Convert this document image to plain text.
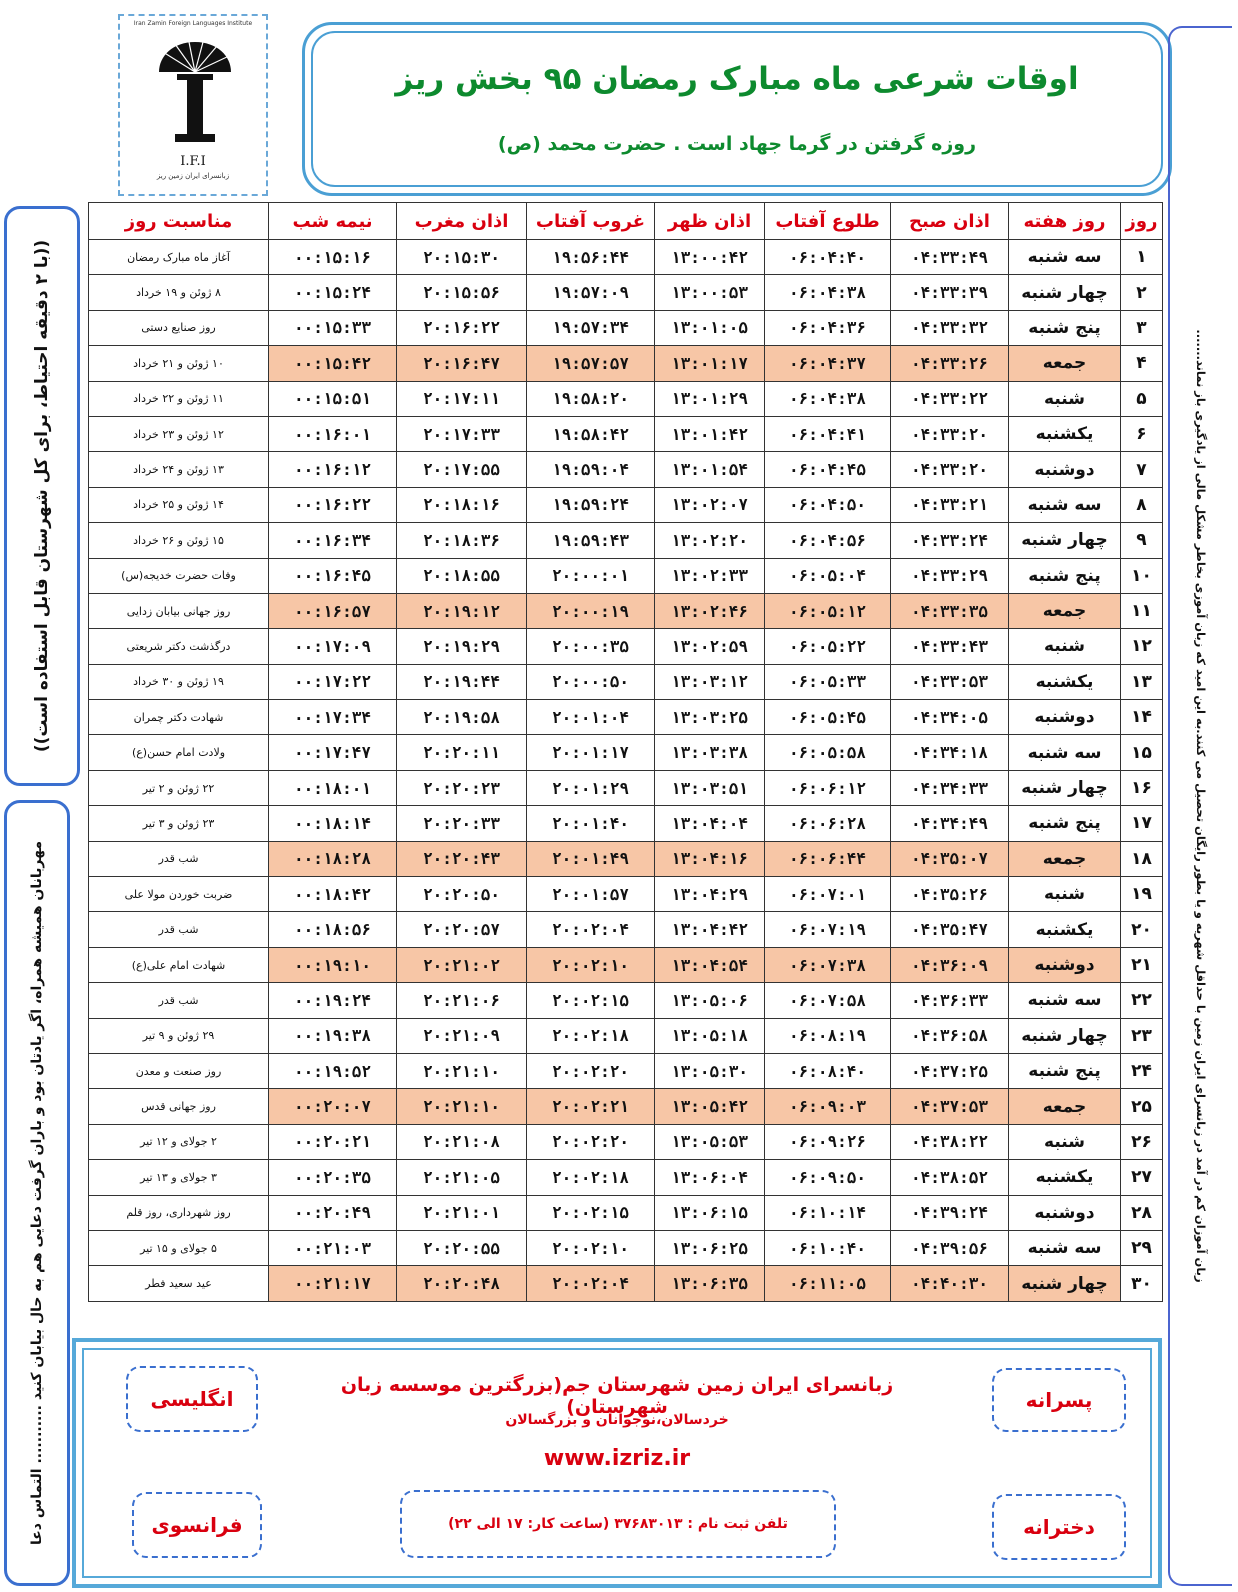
Iran Zamin Foreign Languages Institute
I.F.I
زبانسرای ایران زمین ریز
اوقات شرعی ماه مبارک رمضان ۹۵ بخش ریز
روزه گرفتن در گرما جهاد است . حضرت محمد (ص)
((با ۲ دقیقه احتیاط، برای کل شهرستان قابل استفاده است))
مهربانان همیشه همراه، اگر یادتان بود و باران گرفت دعایی هم به حال بیابان کنید ........... التماس دعا	زبان آموزان کم در آمد در زبانسرای ایران زمین با حداقل شهریه و یا بطور رایگان تحصیل می کنند.به این امید که زبان آموزی بخاطر مشکل مالی از یادگیری باز نماند.......
روز	روز هفته	اذان صبح	طلوع آفتاب	اذان ظهر	غروب آفتاب	اذان مغرب	نیمه شب	مناسبت روز
۱	سه شنبه	۰۴:۳۳:۴۹	۰۶:۰۴:۴۰	۱۳:۰۰:۴۲	۱۹:۵۶:۴۴	۲۰:۱۵:۳۰	۰۰:۱۵:۱۶	آغاز ماه مبارک رمضان
۲	چهار شنبه	۰۴:۳۳:۳۹	۰۶:۰۴:۳۸	۱۳:۰۰:۵۳	۱۹:۵۷:۰۹	۲۰:۱۵:۵۶	۰۰:۱۵:۲۴	۸ ژوئن و ۱۹ خرداد
۳	پنج شنبه	۰۴:۳۳:۳۲	۰۶:۰۴:۳۶	۱۳:۰۱:۰۵	۱۹:۵۷:۳۴	۲۰:۱۶:۲۲	۰۰:۱۵:۳۳	روز صنایع دستی
۴	جمعه	۰۴:۳۳:۲۶	۰۶:۰۴:۳۷	۱۳:۰۱:۱۷	۱۹:۵۷:۵۷	۲۰:۱۶:۴۷	۰۰:۱۵:۴۲	۱۰ ژوئن و ۲۱ خرداد
۵	شنبه	۰۴:۳۳:۲۲	۰۶:۰۴:۳۸	۱۳:۰۱:۲۹	۱۹:۵۸:۲۰	۲۰:۱۷:۱۱	۰۰:۱۵:۵۱	۱۱ ژوئن و ۲۲ خرداد
۶	یکشنبه	۰۴:۳۳:۲۰	۰۶:۰۴:۴۱	۱۳:۰۱:۴۲	۱۹:۵۸:۴۲	۲۰:۱۷:۳۳	۰۰:۱۶:۰۱	۱۲ ژوئن و ۲۳ خرداد
۷	دوشنبه	۰۴:۳۳:۲۰	۰۶:۰۴:۴۵	۱۳:۰۱:۵۴	۱۹:۵۹:۰۴	۲۰:۱۷:۵۵	۰۰:۱۶:۱۲	۱۳ ژوئن و ۲۴ خرداد
۸	سه شنبه	۰۴:۳۳:۲۱	۰۶:۰۴:۵۰	۱۳:۰۲:۰۷	۱۹:۵۹:۲۴	۲۰:۱۸:۱۶	۰۰:۱۶:۲۲	۱۴ ژوئن و ۲۵ خرداد
۹	چهار شنبه	۰۴:۳۳:۲۴	۰۶:۰۴:۵۶	۱۳:۰۲:۲۰	۱۹:۵۹:۴۳	۲۰:۱۸:۳۶	۰۰:۱۶:۳۴	۱۵ ژوئن و ۲۶ خرداد
۱۰	پنج شنبه	۰۴:۳۳:۲۹	۰۶:۰۵:۰۴	۱۳:۰۲:۳۳	۲۰:۰۰:۰۱	۲۰:۱۸:۵۵	۰۰:۱۶:۴۵	وفات حضرت خدیجه(س)
۱۱	جمعه	۰۴:۳۳:۳۵	۰۶:۰۵:۱۲	۱۳:۰۲:۴۶	۲۰:۰۰:۱۹	۲۰:۱۹:۱۲	۰۰:۱۶:۵۷	روز جهانی بیابان زدایی
۱۲	شنبه	۰۴:۳۳:۴۳	۰۶:۰۵:۲۲	۱۳:۰۲:۵۹	۲۰:۰۰:۳۵	۲۰:۱۹:۲۹	۰۰:۱۷:۰۹	درگذشت دکتر شریعتی
۱۳	یکشنبه	۰۴:۳۳:۵۳	۰۶:۰۵:۳۳	۱۳:۰۳:۱۲	۲۰:۰۰:۵۰	۲۰:۱۹:۴۴	۰۰:۱۷:۲۲	۱۹ ژوئن و ۳۰ خرداد
۱۴	دوشنبه	۰۴:۳۴:۰۵	۰۶:۰۵:۴۵	۱۳:۰۳:۲۵	۲۰:۰۱:۰۴	۲۰:۱۹:۵۸	۰۰:۱۷:۳۴	شهادت دکتر چمران
۱۵	سه شنبه	۰۴:۳۴:۱۸	۰۶:۰۵:۵۸	۱۳:۰۳:۳۸	۲۰:۰۱:۱۷	۲۰:۲۰:۱۱	۰۰:۱۷:۴۷	ولادت امام حسن(ع)
۱۶	چهار شنبه	۰۴:۳۴:۳۳	۰۶:۰۶:۱۲	۱۳:۰۳:۵۱	۲۰:۰۱:۲۹	۲۰:۲۰:۲۳	۰۰:۱۸:۰۱	۲۲ ژوئن و ۲ تیر
۱۷	پنج شنبه	۰۴:۳۴:۴۹	۰۶:۰۶:۲۸	۱۳:۰۴:۰۴	۲۰:۰۱:۴۰	۲۰:۲۰:۳۳	۰۰:۱۸:۱۴	۲۳ ژوئن و ۳ تیر
۱۸	جمعه	۰۴:۳۵:۰۷	۰۶:۰۶:۴۴	۱۳:۰۴:۱۶	۲۰:۰۱:۴۹	۲۰:۲۰:۴۳	۰۰:۱۸:۲۸	شب قدر
۱۹	شنبه	۰۴:۳۵:۲۶	۰۶:۰۷:۰۱	۱۳:۰۴:۲۹	۲۰:۰۱:۵۷	۲۰:۲۰:۵۰	۰۰:۱۸:۴۲	ضربت خوردن مولا علی
۲۰	یکشنبه	۰۴:۳۵:۴۷	۰۶:۰۷:۱۹	۱۳:۰۴:۴۲	۲۰:۰۲:۰۴	۲۰:۲۰:۵۷	۰۰:۱۸:۵۶	شب قدر
۲۱	دوشنبه	۰۴:۳۶:۰۹	۰۶:۰۷:۳۸	۱۳:۰۴:۵۴	۲۰:۰۲:۱۰	۲۰:۲۱:۰۲	۰۰:۱۹:۱۰	شهادت امام علی(ع)
۲۲	سه شنبه	۰۴:۳۶:۳۳	۰۶:۰۷:۵۸	۱۳:۰۵:۰۶	۲۰:۰۲:۱۵	۲۰:۲۱:۰۶	۰۰:۱۹:۲۴	شب قدر
۲۳	چهار شنبه	۰۴:۳۶:۵۸	۰۶:۰۸:۱۹	۱۳:۰۵:۱۸	۲۰:۰۲:۱۸	۲۰:۲۱:۰۹	۰۰:۱۹:۳۸	۲۹ ژوئن و ۹ تیر
۲۴	پنج شنبه	۰۴:۳۷:۲۵	۰۶:۰۸:۴۰	۱۳:۰۵:۳۰	۲۰:۰۲:۲۰	۲۰:۲۱:۱۰	۰۰:۱۹:۵۲	روز صنعت و معدن
۲۵	جمعه	۰۴:۳۷:۵۳	۰۶:۰۹:۰۳	۱۳:۰۵:۴۲	۲۰:۰۲:۲۱	۲۰:۲۱:۱۰	۰۰:۲۰:۰۷	روز جهانی قدس
۲۶	شنبه	۰۴:۳۸:۲۲	۰۶:۰۹:۲۶	۱۳:۰۵:۵۳	۲۰:۰۲:۲۰	۲۰:۲۱:۰۸	۰۰:۲۰:۲۱	۲ جولای و ۱۲ تیر
۲۷	یکشنبه	۰۴:۳۸:۵۲	۰۶:۰۹:۵۰	۱۳:۰۶:۰۴	۲۰:۰۲:۱۸	۲۰:۲۱:۰۵	۰۰:۲۰:۳۵	۳ جولای و ۱۳ تیر
۲۸	دوشنبه	۰۴:۳۹:۲۴	۰۶:۱۰:۱۴	۱۳:۰۶:۱۵	۲۰:۰۲:۱۵	۲۰:۲۱:۰۱	۰۰:۲۰:۴۹	روز شهرداری، روز قلم
۲۹	سه شنبه	۰۴:۳۹:۵۶	۰۶:۱۰:۴۰	۱۳:۰۶:۲۵	۲۰:۰۲:۱۰	۲۰:۲۰:۵۵	۰۰:۲۱:۰۳	۵ جولای و ۱۵ تیر
۳۰	چهار شنبه	۰۴:۴۰:۳۰	۰۶:۱۱:۰۵	۱۳:۰۶:۳۵	۲۰:۰۲:۰۴	۲۰:۲۰:۴۸	۰۰:۲۱:۱۷	عید سعید فطر
پسرانه
دخترانه
انگلیسی
فرانسوی
زبانسرای ایران زمین شهرستان جم(بزرگترین موسسه زبان شهرستان)
خردسالان،نوجوانان و بزرگسالان
www.izriz.ir
تلفن ثبت نام : ۳۷۶۸۳۰۱۳ (ساعت کار: ۱۷ الی ۲۲)
